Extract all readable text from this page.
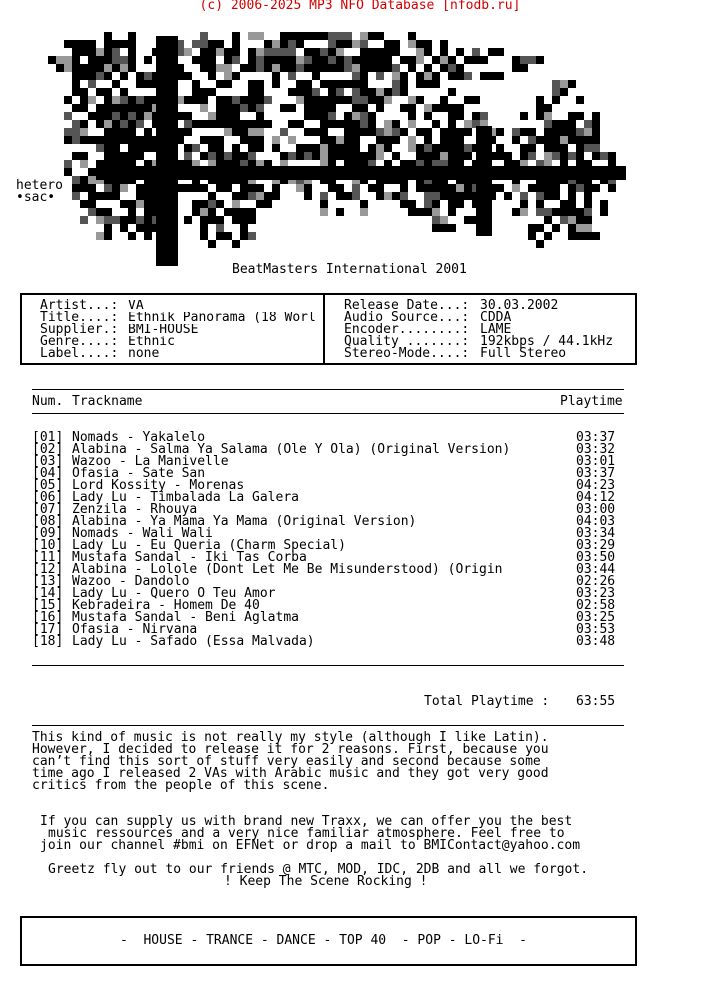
(c) 2006-2025 MP3 NFO Database [nfodb.ru]
hetero
•sac•
BeatMasters International 2001
Artist...: VA
Title....: Ethnik Panorama (18 Worl
Supplier.: BMI-HOUSE
Genre....: Ethnic
Label....: none
Release Date...: 30.03.2002
Audio Source...: CDDA
Encoder........: LAME
Quality .......: 192kbps / 44.1kHz
Stereo-Mode....: Full Stereo
Num. Trackname	Playtime
[01] Nomads - Yakalelo	03:37
[02] Alabina - Salma Ya Salama (Ole Y Ola) (Original Version)	03:32
[03] Wazoo - La Manivelle	03:01
[04] Ofasia - Sate San	03:37
[05] Lord Kossity - Morenas	04:23
[06] Lady Lu - Timbalada La Galera	04:12
[07] Zenzila - Rhouya	03:00
[08] Alabina - Ya Mama Ya Mama (Original Version)	04:03
[09] Nomads - Wali Wali	03:34
[10] Lady Lu - Eu Queria (Charm Special)	03:29
[11] Mustafa Sandal - Iki Tas Corba	03:50
[12] Alabina - Lolole (Dont Let Me Be Misunderstood) (Origin	03:44
[13] Wazoo - Dandolo	02:26
[14] Lady Lu - Quero O Teu Amor	03:23
[15] Kebradeira - Homem De 40	02:58
[16] Mustafa Sandal - Beni Aglatma	03:25
[17] Ofasia - Nirvana	03:53
[18] Lady Lu - Safado (Essa Malvada)	03:48
Total Playtime : 63:55
This kind of music is not really my style (although I like Latin).
However, I decided to release it for 2 reasons. First, because you
can’t find this sort of stuff very easily and second because some
time ago I released 2 VAs with Arabic music and they got very good
critics from the people of this scene.
If you can supply us with brand new Traxx, we can offer you the best
music ressources and a very nice familiar atmosphere. Feel free to
join our channel #bmi on EFNet or drop a mail to BMIContact@yahoo.com
Greetz fly out to our friends @ MTC, MOD, IDC, 2DB and all we forgot.
! Keep The Scene Rocking !
-  HOUSE - TRANCE - DANCE - TOP 40  - POP - LO-Fi  -
